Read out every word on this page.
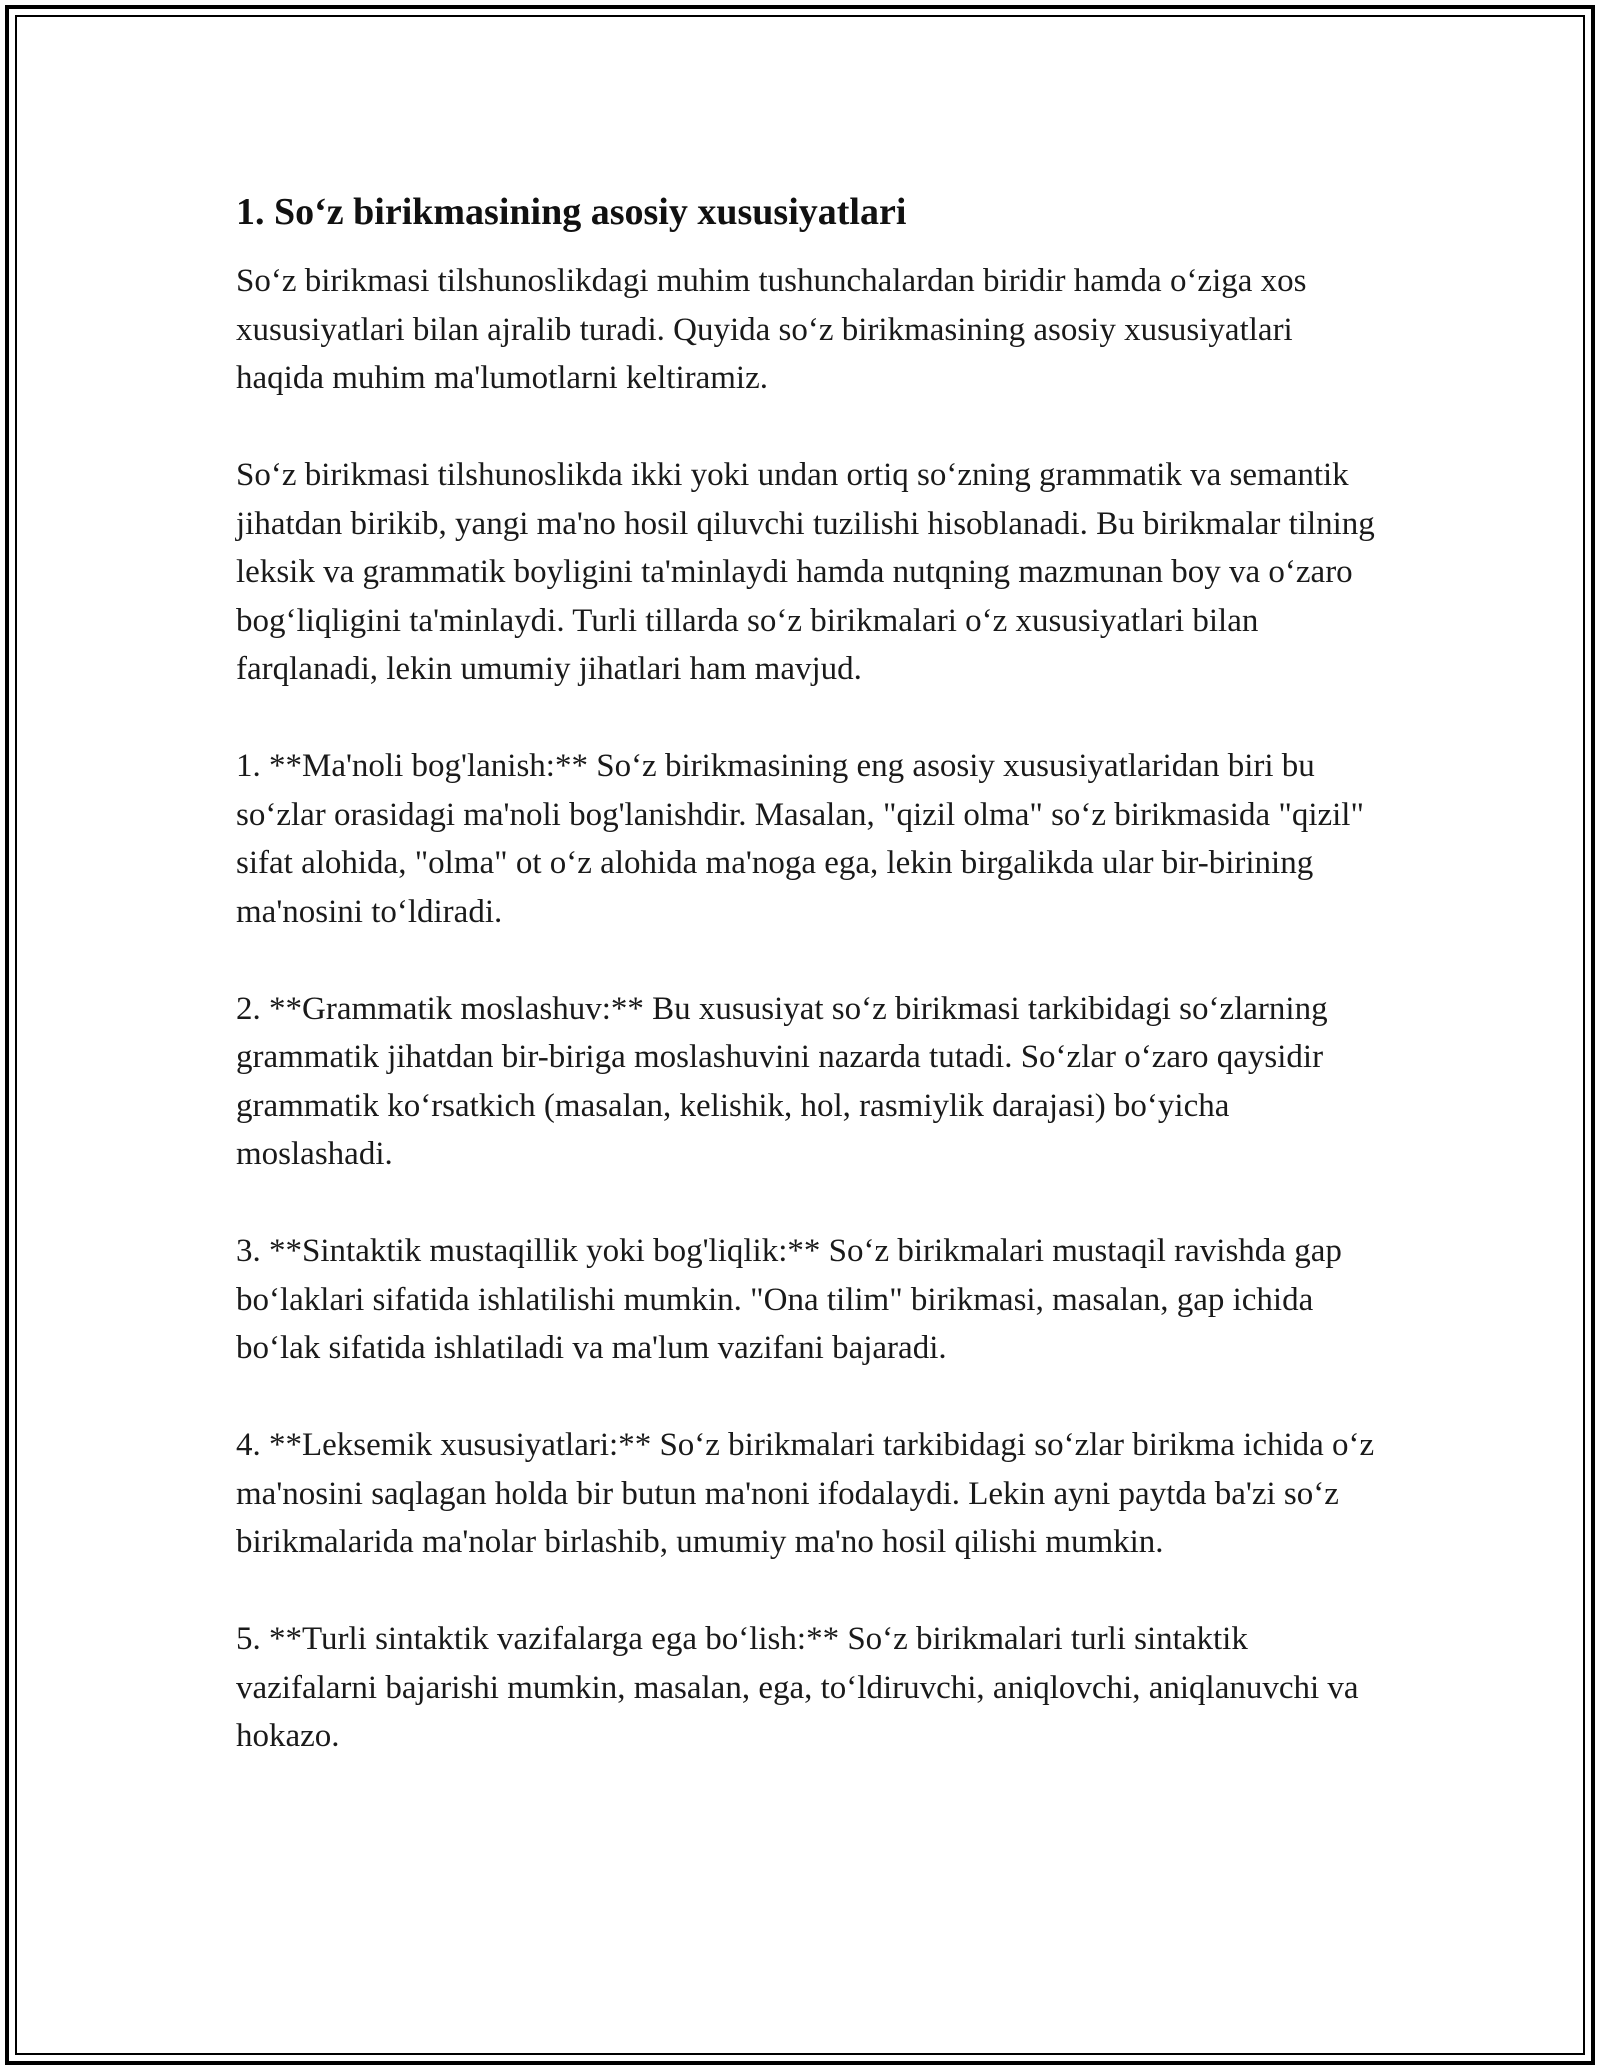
1. So‘z birikmasining asosiy xususiyatlari

So‘z birikmasi tilshunoslikdagi muhim tushunchalardan biridir hamda o‘ziga xos xususiyatlari bilan ajralib turadi. Quyida so‘z birikmasining asosiy xususiyatlari haqida muhim ma'lumotlarni keltiramiz.

So‘z birikmasi tilshunoslikda ikki yoki undan ortiq so‘zning grammatik va semantik jihatdan birikib, yangi ma'no hosil qiluvchi tuzilishi hisoblanadi. Bu birikmalar tilning leksik va grammatik boyligini ta'minlaydi hamda nutqning mazmunan boy va o‘zaro bog‘liqligini ta'minlaydi. Turli tillarda so‘z birikmalari o‘z xususiyatlari bilan farqlanadi, lekin umumiy jihatlari ham mavjud.

1. **Ma'noli bog'lanish:** So‘z birikmasining eng asosiy xususiyatlaridan biri bu so‘zlar orasidagi ma'noli bog'lanishdir. Masalan, "qizil olma" so‘z birikmasida "qizil" sifat alohida, "olma" ot o‘z alohida ma'noga ega, lekin birgalikda ular bir-birining ma'nosini to‘ldiradi.

2. **Grammatik moslashuv:** Bu xususiyat so‘z birikmasi tarkibidagi so‘zlarning grammatik jihatdan bir-biriga moslashuvini nazarda tutadi. So‘zlar o‘zaro qaysidir grammatik ko‘rsatkich (masalan, kelishik, hol, rasmiylik darajasi) bo‘yicha moslashadi.

3. **Sintaktik mustaqillik yoki bog'liqlik:** So‘z birikmalari mustaqil ravishda gap bo‘laklari sifatida ishlatilishi mumkin. "Ona tilim" birikmasi, masalan, gap ichida bo‘lak sifatida ishlatiladi va ma'lum vazifani bajaradi.

4. **Leksemik xususiyatlari:** So‘z birikmalari tarkibidagi so‘zlar birikma ichida o‘z ma'nosini saqlagan holda bir butun ma'noni ifodalaydi. Lekin ayni paytda ba'zi so‘z birikmalarida ma'nolar birlashib, umumiy ma'no hosil qilishi mumkin.

5. **Turli sintaktik vazifalarga ega bo‘lish:** So‘z birikmalari turli sintaktik vazifalarni bajarishi mumkin, masalan, ega, to‘ldiruvchi, aniqlovchi, aniqlanuvchi va hokazo.
